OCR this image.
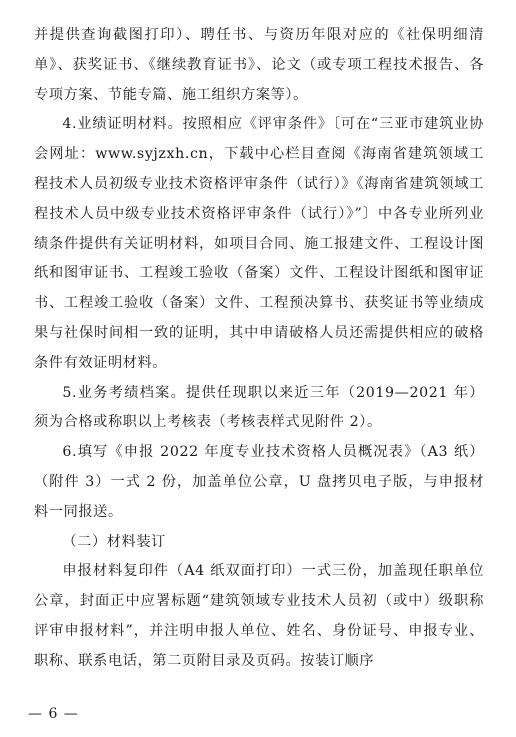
并提供查询截图打印）、聘任书、与资历年限对应的《社保明细清单》、获奖证书、《继续教育证书》、论文（或专项工程技术报告、各专项方案、节能专篇、施工组织方案等）。

4.业绩证明材料。按照相应《评审条件》〔可在“三亚市建筑业协会网址：www.syjzxh.cn，下载中心栏目查阅《海南省建筑领域工程技术人员初级专业技术资格评审条件（试行）》《海南省建筑领域工程技术人员中级专业技术资格评审条件（试行）》”〕中各专业所列业绩条件提供有关证明材料，如项目合同、施工报建文件、工程设计图纸和图审证书、工程竣工验收（备案）文件、工程设计图纸和图审证书、工程竣工验收（备案）文件、工程预决算书、获奖证书等业绩成果与社保时间相一致的证明，其中申请破格人员还需提供相应的破格条件有效证明材料。

5.业务考绩档案。提供任现职以来近三年（2019—2021 年）须为合格或称职以上考核表（考核表样式见附件 2）。

6.填写《申报 2022 年度专业技术资格人员概况表》（A3 纸）（附件 3）一式 2 份，加盖单位公章，U 盘拷贝电子版，与申报材料一同报送。

（二）材料装订

申报材料复印件（A4 纸双面打印）一式三份，加盖现任职单位公章，封面正中应署标题“建筑领域专业技术人员初（或中）级职称评审申报材料”，并注明申报人单位、姓名、身份证号、申报专业、职称、联系电话，第二页附目录及页码。按装订顺序

— 6 —
